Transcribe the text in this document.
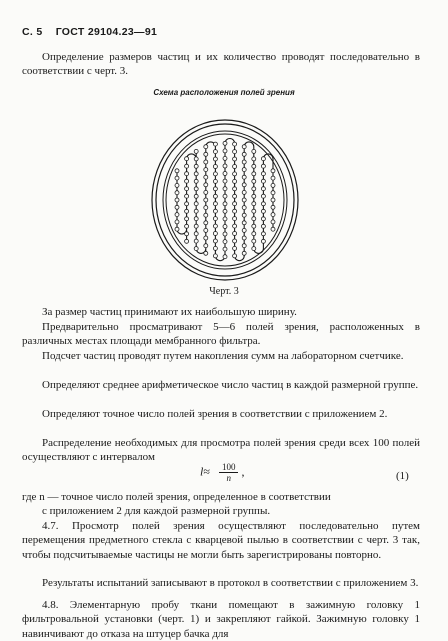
С. 5 ГОСТ 29104.23—91
Определение размеров частиц и их количество проводят последовательно в соответствии с черт. 3.
Схема расположения полей зрения
Черт. 3
За размер частиц принимают их наибольшую ширину.
Предварительно просматривают 5—6 полей зрения, расположенных в различных местах площади мембранного фильтра.
Подсчет частиц проводят путем накопления сумм на лабораторном счетчике.
Определяют среднее арифметическое число частиц в каждой размерной группе.
Определяют точное число полей зрения в соответствии с приложением 2.
Распределение необходимых для просмотра полей зрения среди всех 100 полей осуществляют с интервалом
$l\approx \frac{100}{n}$ ,	(1)
где n — точное число полей зрения, определенное в соответствии
с приложением 2 для каждой размерной группы.
4.7. Просмотр полей зрения осуществляют последовательно путем перемещения предметного стекла с кварцевой пылью в соответствии с черт. 3 так, чтобы подсчитываемые частицы не могли быть зарегистрированы повторно.
Результаты испытаний записывают в протокол в соответствии с приложением 3.
4.8. Элементарную пробу ткани помещают в зажимную головку 1 фильтровальной установки (черт. 1) и закрепляют гайкой. Зажимную головку 1 навинчивают до отказа на штуцер бачка для
